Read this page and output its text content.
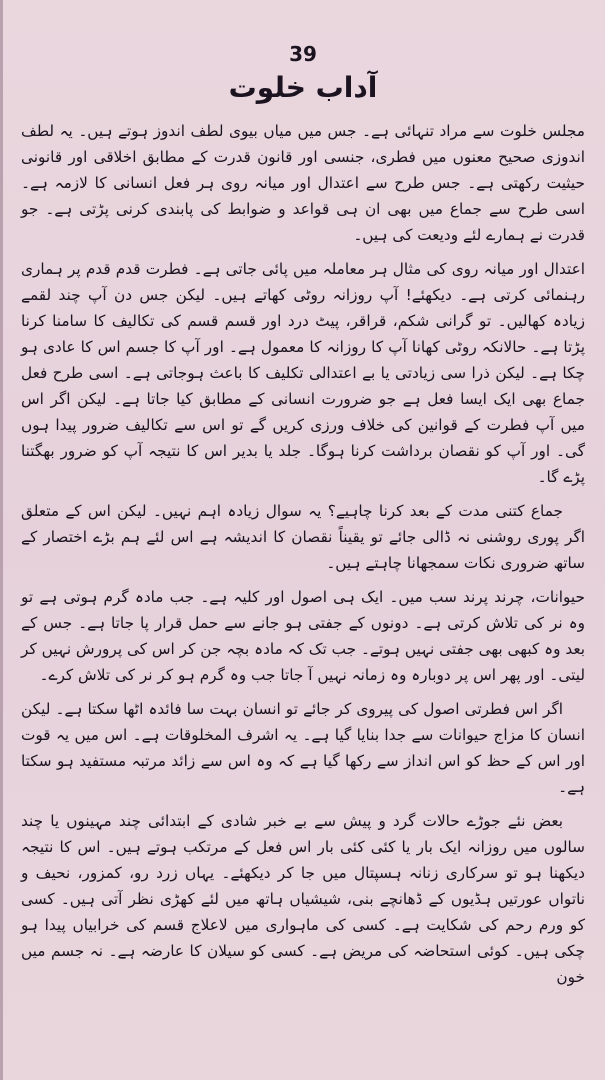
39

آداب خلوت

مجلس خلوت سے مراد تنہائی ہے۔ جس میں میاں بیوی لطف اندوز ہوتے ہیں۔ یہ لطف اندوزی صحیح معنوں میں فطری، جنسی اور قانون قدرت کے مطابق اخلاقی اور قانونی حیثیت رکھتی ہے۔ جس طرح سے اعتدال اور میانہ روی ہر فعل انسانی کا لازمہ ہے۔ اسی طرح سے جماع میں بھی ان ہی قواعد و ضوابط کی پابندی کرنی پڑتی ہے۔ جو قدرت نے ہمارے لئے ودیعت کی ہیں۔

اعتدال اور میانہ روی کی مثال ہر معاملہ میں پائی جاتی ہے۔ فطرت قدم قدم پر ہماری رہنمائی کرتی ہے۔ دیکھئے! آپ روزانہ روٹی کھاتے ہیں۔ لیکن جس دن آپ چند لقمے زیادہ کھالیں۔ تو گرانی شکم، قراقر، پیٹ درد اور قسم قسم کی تکالیف کا سامنا کرنا پڑتا ہے۔ حالانکہ روٹی کھانا آپ کا روزانہ کا معمول ہے۔ اور آپ کا جسم اس کا عادی ہو چکا ہے۔ لیکن ذرا سی زیادتی یا بے اعتدالی تکلیف کا باعث ہوجاتی ہے۔ اسی طرح فعل جماع بھی ایک ایسا فعل ہے جو ضرورت انسانی کے مطابق کیا جاتا ہے۔ لیکن اگر اس میں آپ فطرت کے قوانین کی خلاف ورزی کریں گے تو اس سے تکالیف ضرور پیدا ہوں گی۔ اور آپ کو نقصان برداشت کرنا ہوگا۔ جلد یا بدیر اس کا نتیجہ آپ کو ضرور بھگتنا پڑے گا۔

جماع کتنی مدت کے بعد کرنا چاہیے؟ یہ سوال زیادہ اہم نہیں۔ لیکن اس کے متعلق اگر پوری روشنی نہ ڈالی جائے تو یقیناً نقصان کا اندیشہ ہے اس لئے ہم بڑے اختصار کے ساتھ ضروری نکات سمجھانا چاہتے ہیں۔

حیوانات، چرند پرند سب میں۔ ایک ہی اصول اور کلیہ ہے۔ جب مادہ گرم ہوتی ہے تو وہ نر کی تلاش کرتی ہے۔ دونوں کے جفتی ہو جانے سے حمل قرار پا جاتا ہے۔ جس کے بعد وہ کبھی بھی جفتی نہیں ہوتے۔ جب تک کہ مادہ بچہ جن کر اس کی پرورش نہیں کر لیتی۔ اور پھر اس پر دوبارہ وہ زمانہ نہیں آ جاتا جب وہ گرم ہو کر نر کی تلاش کرے۔

اگر اس فطرتی اصول کی پیروی کر جائے تو انسان بہت سا فائدہ اٹھا سکتا ہے۔ لیکن انسان کا مزاج حیوانات سے جدا بنایا گیا ہے۔ یہ اشرف المخلوقات ہے۔ اس میں یہ قوت اور اس کے حظ کو اس انداز سے رکھا گیا ہے کہ وہ اس سے زائد مرتبہ مستفید ہو سکتا ہے۔

بعض نئے جوڑے حالات گرد و پیش سے بے خبر شادی کے ابتدائی چند مہینوں یا چند سالوں میں روزانہ ایک بار یا کئی کئی بار اس فعل کے مرتکب ہوتے ہیں۔ اس کا نتیجہ دیکھنا ہو تو سرکاری زنانہ ہسپتال میں جا کر دیکھئے۔ یہاں زرد رو، کمزور، نحیف و ناتواں عورتیں ہڈیوں کے ڈھانچے بنی، شیشیاں ہاتھ میں لئے کھڑی نظر آتی ہیں۔ کسی کو ورم رحم کی شکایت ہے۔ کسی کی ماہواری میں لاعلاج قسم کی خرابیاں پیدا ہو چکی ہیں۔ کوئی استحاضہ کی مریض ہے۔ کسی کو سیلان کا عارضہ ہے۔ نہ جسم میں خون
